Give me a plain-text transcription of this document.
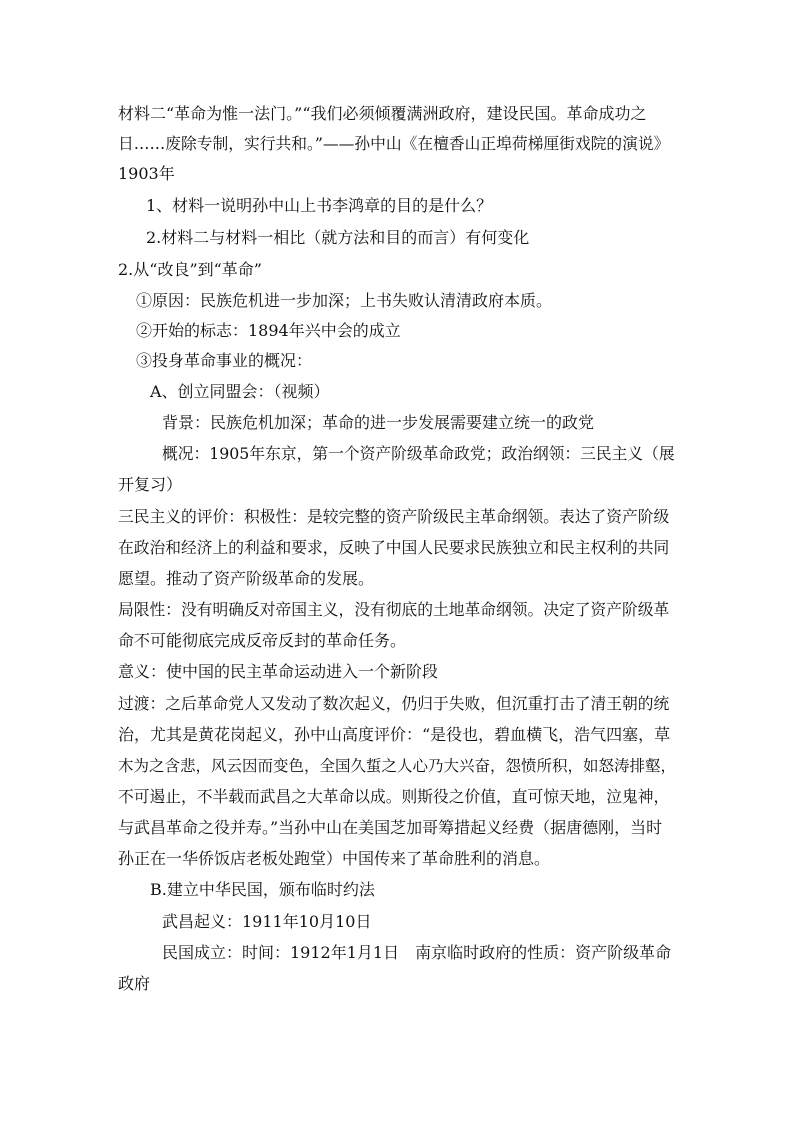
材料二“革命为惟一法门。”“我们必须倾覆满洲政府，建设民国。革命成功之
日……废除专制，实行共和。”——孙中山《在檀香山正埠荷梯厘街戏院的演说》
1903年
1、材料一说明孙中山上书李鸿章的目的是什么？
2.材料二与材料一相比（就方法和目的而言）有何变化
2.从“改良”到“革命”
①原因：民族危机进一步加深；上书失败认清清政府本质。
②开始的标志：1894年兴中会的成立
③投身革命事业的概况：
A、创立同盟会：（视频）
背景：民族危机加深；革命的进一步发展需要建立统一的政党
概况：1905年东京，第一个资产阶级革命政党；政治纲领：三民主义（展
开复习）
三民主义的评价：积极性：是较完整的资产阶级民主革命纲领。表达了资产阶级
在政治和经济上的利益和要求，反映了中国人民要求民族独立和民主权利的共同
愿望。推动了资产阶级革命的发展。
局限性：没有明确反对帝国主义，没有彻底的土地革命纲领。决定了资产阶级革
命不可能彻底完成反帝反封的革命任务。
意义：使中国的民主革命运动进入一个新阶段
过渡：之后革命党人又发动了数次起义，仍归于失败，但沉重打击了清王朝的统
治，尤其是黄花岗起义，孙中山高度评价：“是役也，碧血横飞，浩气四塞，草
木为之含悲，风云因而变色，全国久蜇之人心乃大兴奋，怨愤所积，如怒涛排壑，
不可遏止，不半载而武昌之大革命以成。则斯役之价值，直可惊天地，泣鬼神，
与武昌革命之役并寿。”当孙中山在美国芝加哥筹措起义经费（据唐德刚，当时
孙正在一华侨饭店老板处跑堂）中国传来了革命胜利的消息。
B.建立中华民国，颁布临时约法
武昌起义：1911年10月10日
民国成立：时间：1912年1月1日　南京临时政府的性质：资产阶级革命
政府
